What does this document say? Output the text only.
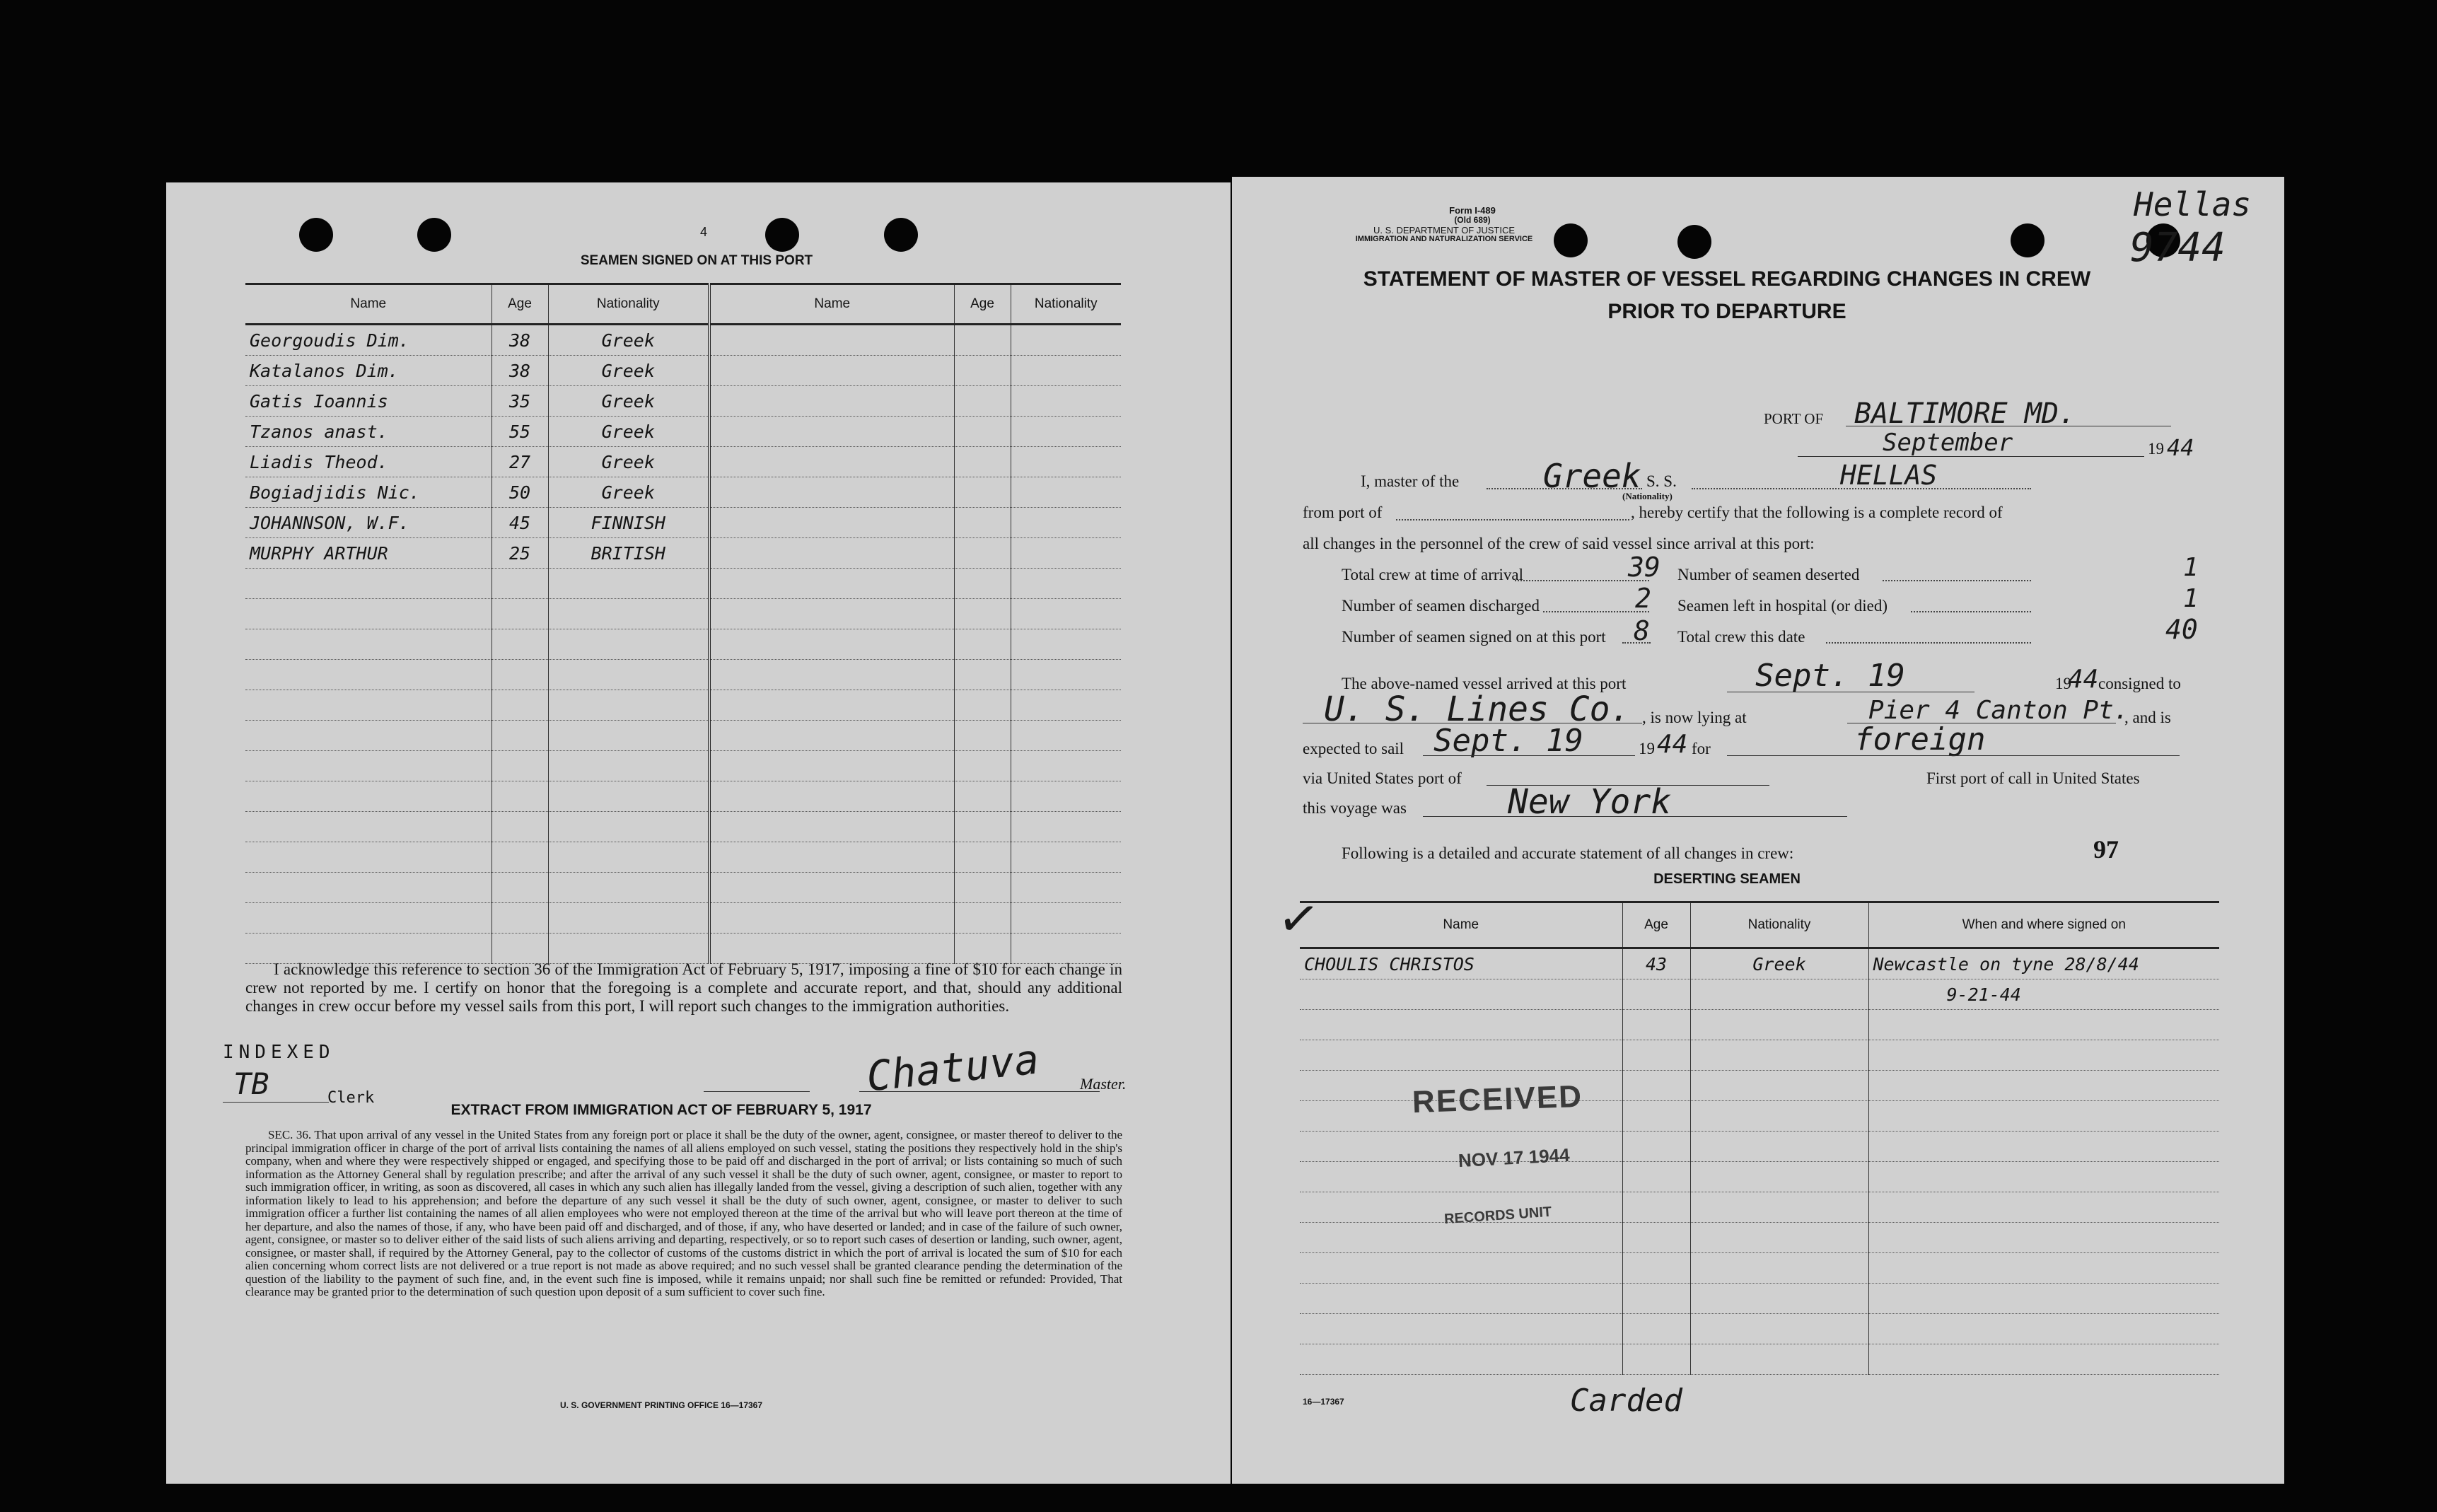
4
SEAMEN SIGNED ON AT THIS PORT
Name	Age	Nationality	Name	Age	Nationality
Georgoudis Dim.	38	Greek			
Katalanos Dim.	38	Greek			
Gatis Ioannis	35	Greek			
Tzanos anast.	55	Greek			
Liadis Theod.	27	Greek			
Bogiadjidis Nic.	50	Greek			
JOHANNSON, W.F.	45	FINNISH			
MURPHY ARTHUR	25	BRITISH			

I acknowledge this reference to section 36 of the Immigration Act of February 5, 1917, imposing a fine of $10 for each change in crew not reported by me. I certify on honor that the foregoing is a complete and accurate report, and that, should any additional changes in crew occur before my vessel sails from this port, I will report such changes to the immigration authorities.
INDEXED
TB	Clerk	Chatuva Master.
EXTRACT FROM IMMIGRATION ACT OF FEBRUARY 5, 1917
SEC. 36. That upon arrival of any vessel in the United States from any foreign port or place it shall be the duty of the owner, agent, consignee, or master thereof to deliver to the principal immigration officer in charge of the port of arrival lists containing the names of all aliens employed on such vessel, stating the positions they respectively hold in the ship's company, when and where they were respectively shipped or engaged, and specifying those to be paid off and discharged in the port of arrival; or lists containing so much of such information as the Attorney General shall by regulation prescribe; and after the arrival of any such vessel it shall be the duty of such owner, agent, consignee, or master to report to such immigration officer, in writing, as soon as discovered, all cases in which any such alien has illegally landed from the vessel, giving a description of such alien, together with any information likely to lead to his apprehension; and before the departure of any such vessel it shall be the duty of such owner, agent, consignee, or master to deliver to such immigration officer a further list containing the names of all alien employees who were not employed thereon at the time of the arrival but who will leave port thereon at the time of her departure, and also the names of those, if any, who have been paid off and discharged, and of those, if any, who have deserted or landed; and in case of the failure of such owner, agent, consignee, or master so to deliver either of the said lists of such aliens arriving and departing, respectively, or so to report such cases of desertion or landing, such owner, agent, consignee, or master shall, if required by the Attorney General, pay to the collector of customs of the customs district in which the port of arrival is located the sum of $10 for each alien concerning whom correct lists are not delivered or a true report is not made as above required; and no such vessel shall be granted clearance pending the determination of the question of the liability to the payment of such fine, and, in the event such fine is imposed, while it remains unpaid; nor shall such fine be remitted or refunded: Provided, That clearance may be granted prior to the determination of such question upon deposit of a sum sufficient to cover such fine.
U. S. GOVERNMENT PRINTING OFFICE 16—17367
Form I-489
(Old 689)
U. S. DEPARTMENT OF JUSTICE
IMMIGRATION AND NATURALIZATION SERVICE
Hellas
9744
STATEMENT OF MASTER OF VESSEL REGARDING CHANGES IN CREW
PRIOR TO DEPARTURE
PORT OF BALTIMORE MD.
September	19 44
I, master of the	Greek
(Nationality)
S. S.	HELLAS
from port of	, hereby certify that the following is a complete record of
all changes in the personnel of the crew of said vessel since arrival at this port:
Total crew at time of arrival	39 Number of seamen deserted	1
Number of seamen discharged	2 Seamen left in hospital (or died)	1
Number of seamen signed on at this port 8 Total crew this date	40
The above-named vessel arrived at this port	Sept. 19	19
44 consigned to
U. S. Lines Co. , is now lying at	Pier 4 Canton Pt.
, and is
expected to sail Sept. 19	19 44 for	foreign
via United States port of	First port of call in United States
this voyage was	New York
Following is a detailed and accurate statement of all changes in crew:	97
DESERTING SEAMEN
✓	Name	Age	Nationality	When and where signed on
CHOULIS CHRISTOS	43	Greek	Newcastle on tyne 28/8/44
			9-21-44

RECEIVED
NOV 17 1944
RECORDS UNIT
16—17367	Carded
